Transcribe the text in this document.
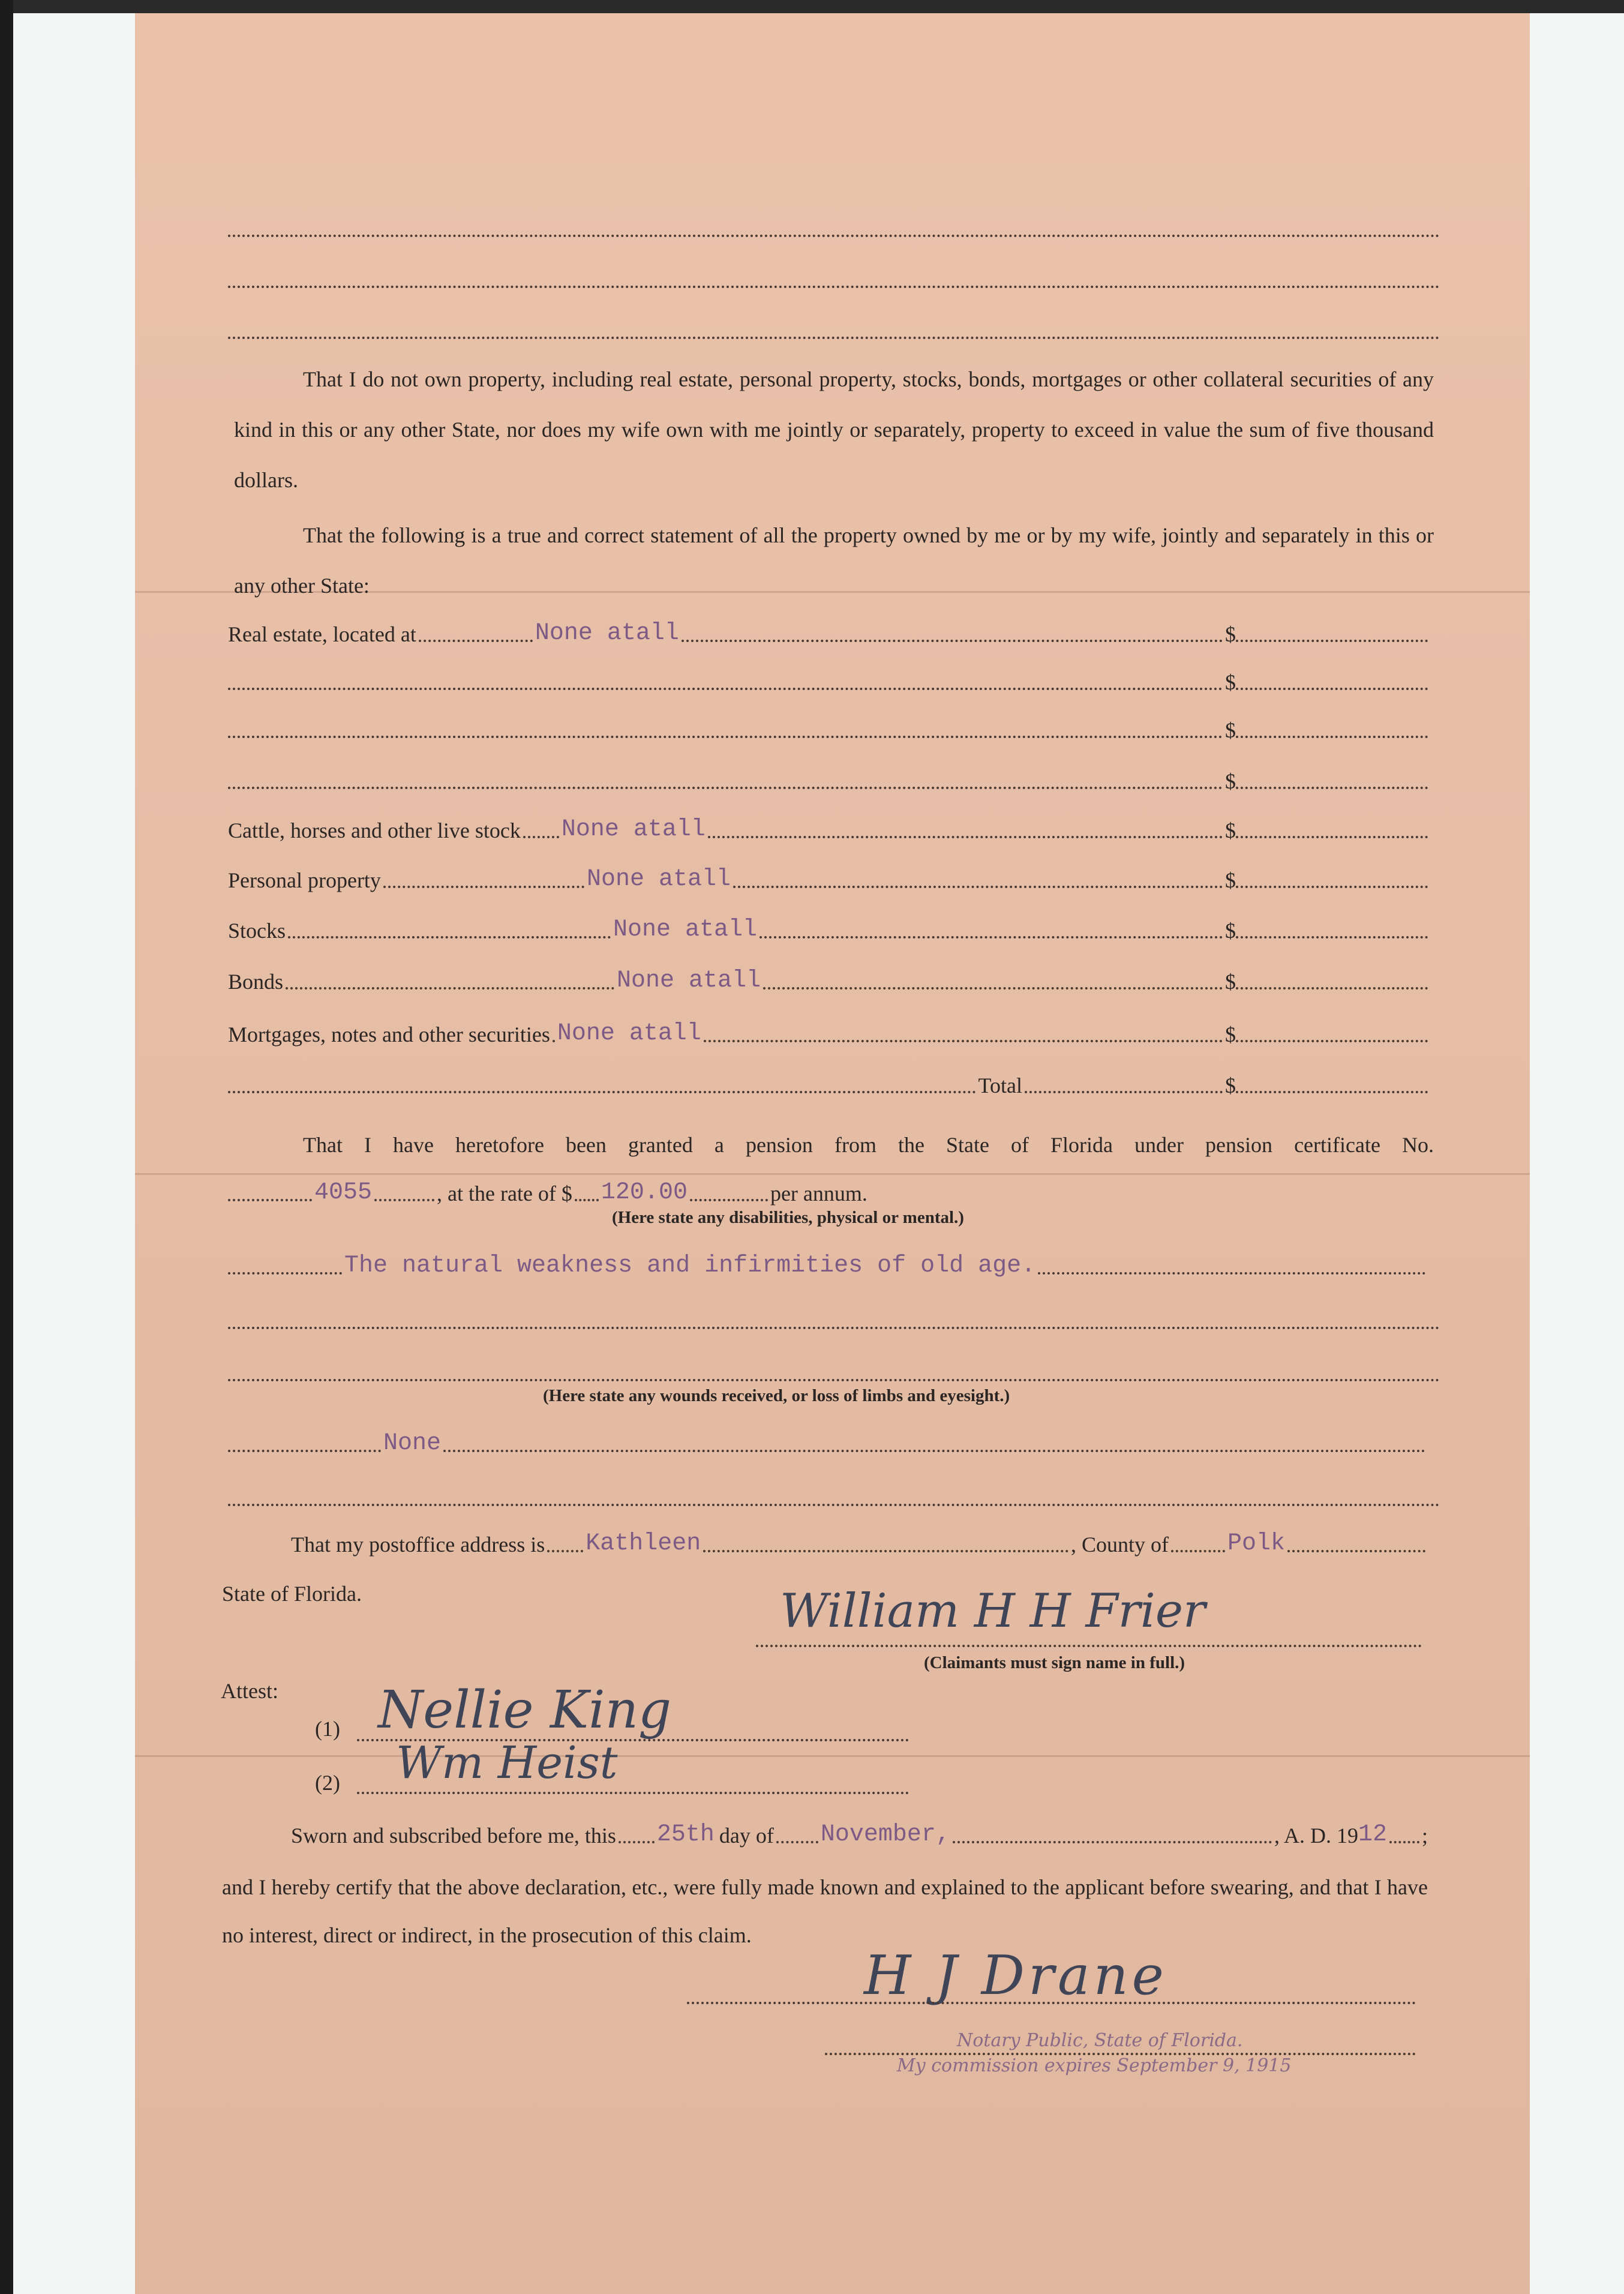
That I do not own property, including real estate, personal property, stocks, bonds, mortgages or other collateral securities of any kind in this or any other State, nor does my wife own with me jointly or separately, property to exceed in value the sum of five thousand dollars.

That the following is a true and correct statement of all the property owned by me or by my wife, jointly and separately in this or any other State:

Real estate, located at	None atall	$
$
$
$
Cattle, horses and other live stock None atall	$
Personal property	None atall	$
Stocks	None atall	$
Bonds	None atall	$
Mortgages, notes and other securities None atall	$
Total	$

That I have heretofore been granted a pension from the State of Florida under pension certificate No.

4055	, at the rate of $ 120.00	per annum.
(Here state any disabilities, physical or mental.)
The natural weakness and infirmities of old age.
(Here state any wounds received, or loss of limbs and eyesight.)
None
That my postoffice address is Kathleen	, County of Polk
State of Florida.	William H H Frier
(Claimants must sign name in full.)
Attest:
(1) Nellie King
(2) Wm Heist
Sworn and subscribed before me, this 25th day of November,	, A. D. 19 12 ;

and I hereby certify that the above declaration, etc., were fully made known and explained to the applicant before swearing, and that I have no interest, direct or indirect, in the prosecution of this claim.

H J Drane
Notary Public, State of Florida.
My commission expires September 9, 1915
